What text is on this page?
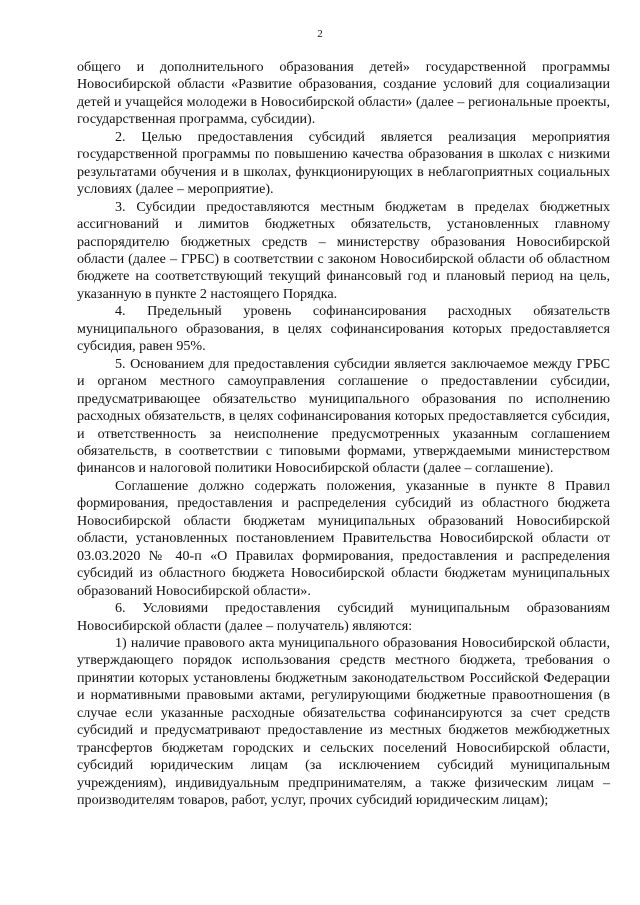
2

общего и дополнительного образования детей» государственной программы Новосибирской области «Развитие образования, создание условий для социализации детей и учащейся молодежи в Новосибирской области» (далее – региональные проекты, государственная программа, субсидии).

2. Целью предоставления субсидий является реализация мероприятия государственной программы по повышению качества образования в школах с низкими результатами обучения и в школах, функционирующих в неблагоприятных социальных условиях (далее – мероприятие).

3. Субсидии предоставляются местным бюджетам в пределах бюджетных ассигнований и лимитов бюджетных обязательств, установленных главному распорядителю бюджетных средств – министерству образования Новосибирской области (далее – ГРБС) в соответствии с законом Новосибирской области об областном бюджете на соответствующий текущий финансовый год и плановый период на цель, указанную в пункте 2 настоящего Порядка.

4. Предельный уровень софинансирования расходных обязательств муниципального образования, в целях софинансирования которых предоставляется субсидия, равен 95%.

5. Основанием для предоставления субсидии является заключаемое между ГРБС и органом местного самоуправления соглашение о предоставлении субсидии, предусматривающее обязательство муниципального образования по исполнению расходных обязательств, в целях софинансирования которых предоставляется субсидия, и ответственность за неисполнение предусмотренных указанным соглашением обязательств, в соответствии с типовыми формами, утверждаемыми министерством финансов и налоговой политики Новосибирской области (далее – соглашение).

Соглашение должно содержать положения, указанные в пункте 8 Правил формирования, предоставления и распределения субсидий из областного бюджета Новосибирской области бюджетам муниципальных образований Новосибирской области, установленных постановлением Правительства Новосибирской области от 03.03.2020 № 40-п «О Правилах формирования, предоставления и распределения субсидий из областного бюджета Новосибирской области бюджетам муниципальных образований Новосибирской области».

6. Условиями предоставления субсидий муниципальным образованиям Новосибирской области (далее – получатель) являются:

1) наличие правового акта муниципального образования Новосибирской области, утверждающего порядок использования средств местного бюджета, требования о принятии которых установлены бюджетным законодательством Российской Федерации и нормативными правовыми актами, регулирующими бюджетные правоотношения (в случае если указанные расходные обязательства софинансируются за счет средств субсидий и предусматривают предоставление из местных бюджетов межбюджетных трансфертов бюджетам городских и сельских поселений Новосибирской области, субсидий юридическим лицам (за исключением субсидий муниципальным учреждениям), индивидуальным предпринимателям, а также физическим лицам – производителям товаров, работ, услуг, прочих субсидий юридическим лицам);
